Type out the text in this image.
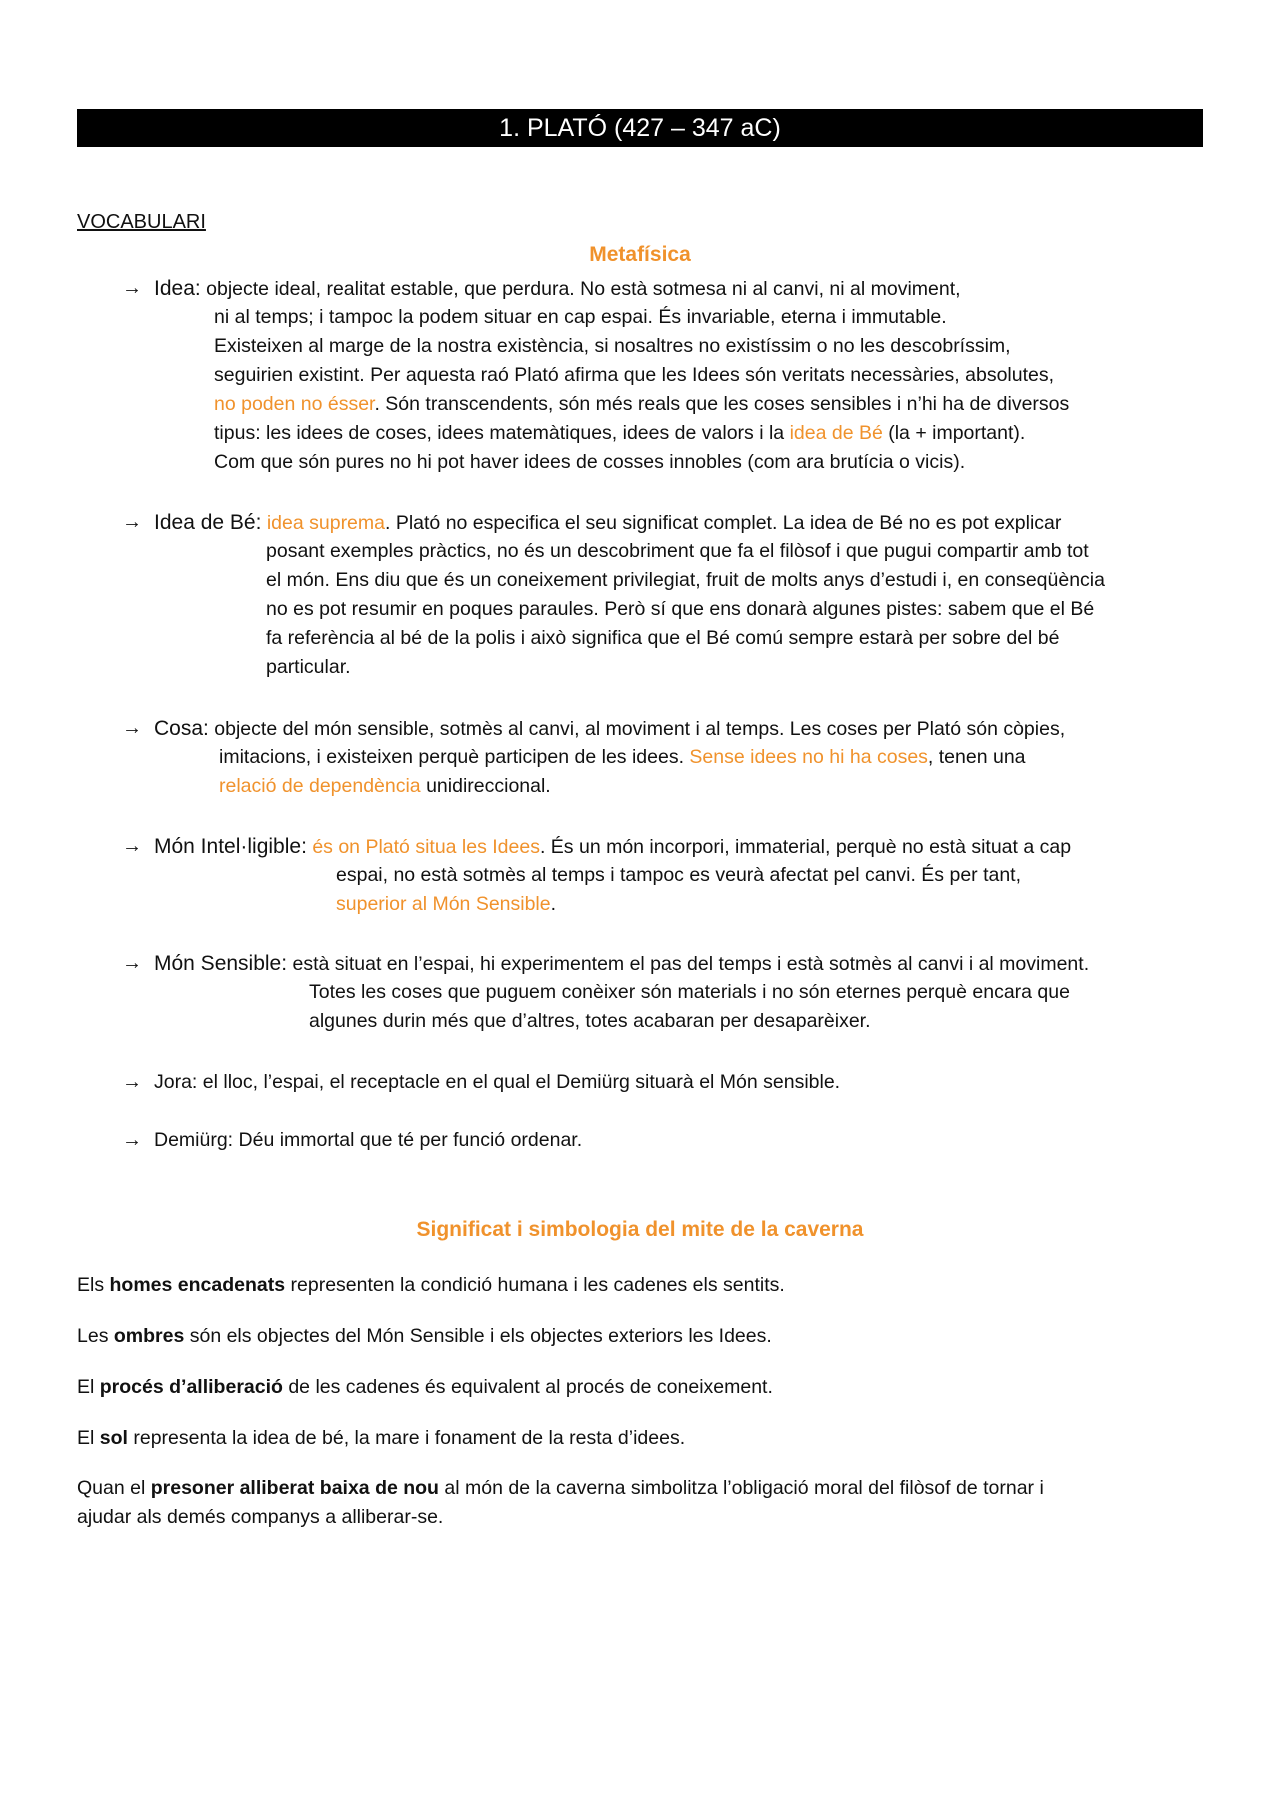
1. PLATÓ (427 – 347 aC)
VOCABULARI
Metafísica
→ Idea: objecte ideal, realitat estable, que perdura. No està sotmesa ni al canvi, ni al moviment,
ni al temps; i tampoc la podem situar en cap espai. És invariable, eterna i immutable.
Existeixen al marge de la nostra existència, si nosaltres no existíssim o no les descobríssim,
seguirien existint. Per aquesta raó Plató afirma que les Idees són veritats necessàries, absolutes,
no poden no ésser. Són transcendents, són més reals que les coses sensibles i n’hi ha de diversos
tipus: les idees de coses, idees matemàtiques, idees de valors i la idea de Bé (la + important).
Com que són pures no hi pot haver idees de cosses innobles (com ara brutícia o vicis).
→ Idea de Bé: idea suprema. Plató no especifica el seu significat complet. La idea de Bé no es pot explicar
posant exemples pràctics, no és un descobriment que fa el filòsof i que pugui compartir amb tot
el món. Ens diu que és un coneixement privilegiat, fruit de molts anys d’estudi i, en conseqüència
no es pot resumir en poques paraules. Però sí que ens donarà algunes pistes: sabem que el Bé
fa referència al bé de la polis i això significa que el Bé comú sempre estarà per sobre del bé
particular.
→ Cosa: objecte del món sensible, sotmès al canvi, al moviment i al temps. Les coses per Plató són còpies,
imitacions, i existeixen perquè participen de les idees. Sense idees no hi ha coses, tenen una
relació de dependència unidireccional.
→ Món Intel·ligible: és on Plató situa les Idees. És un món incorpori, immaterial, perquè no està situat a cap
espai, no està sotmès al temps i tampoc es veurà afectat pel canvi. És per tant,
superior al Món Sensible.
→ Món Sensible: està situat en l’espai, hi experimentem el pas del temps i està sotmès al canvi i al moviment.
Totes les coses que puguem conèixer són materials i no són eternes perquè encara que
algunes durin més que d’altres, totes acabaran per desaparèixer.
→ Jora: el lloc, l’espai, el receptacle en el qual el Demiürg situarà el Món sensible.
→ Demiürg: Déu immortal que té per funció ordenar.
Significat i simbologia del mite de la caverna
Els homes encadenats representen la condició humana i les cadenes els sentits.
Les ombres són els objectes del Món Sensible i els objectes exteriors les Idees.
El procés d’alliberació de les cadenes és equivalent al procés de coneixement.
El sol representa la idea de bé, la mare i fonament de la resta d’idees.
Quan el presoner alliberat baixa de nou al món de la caverna simbolitza l’obligació moral del filòsof de tornar i
ajudar als demés companys a alliberar-se.
